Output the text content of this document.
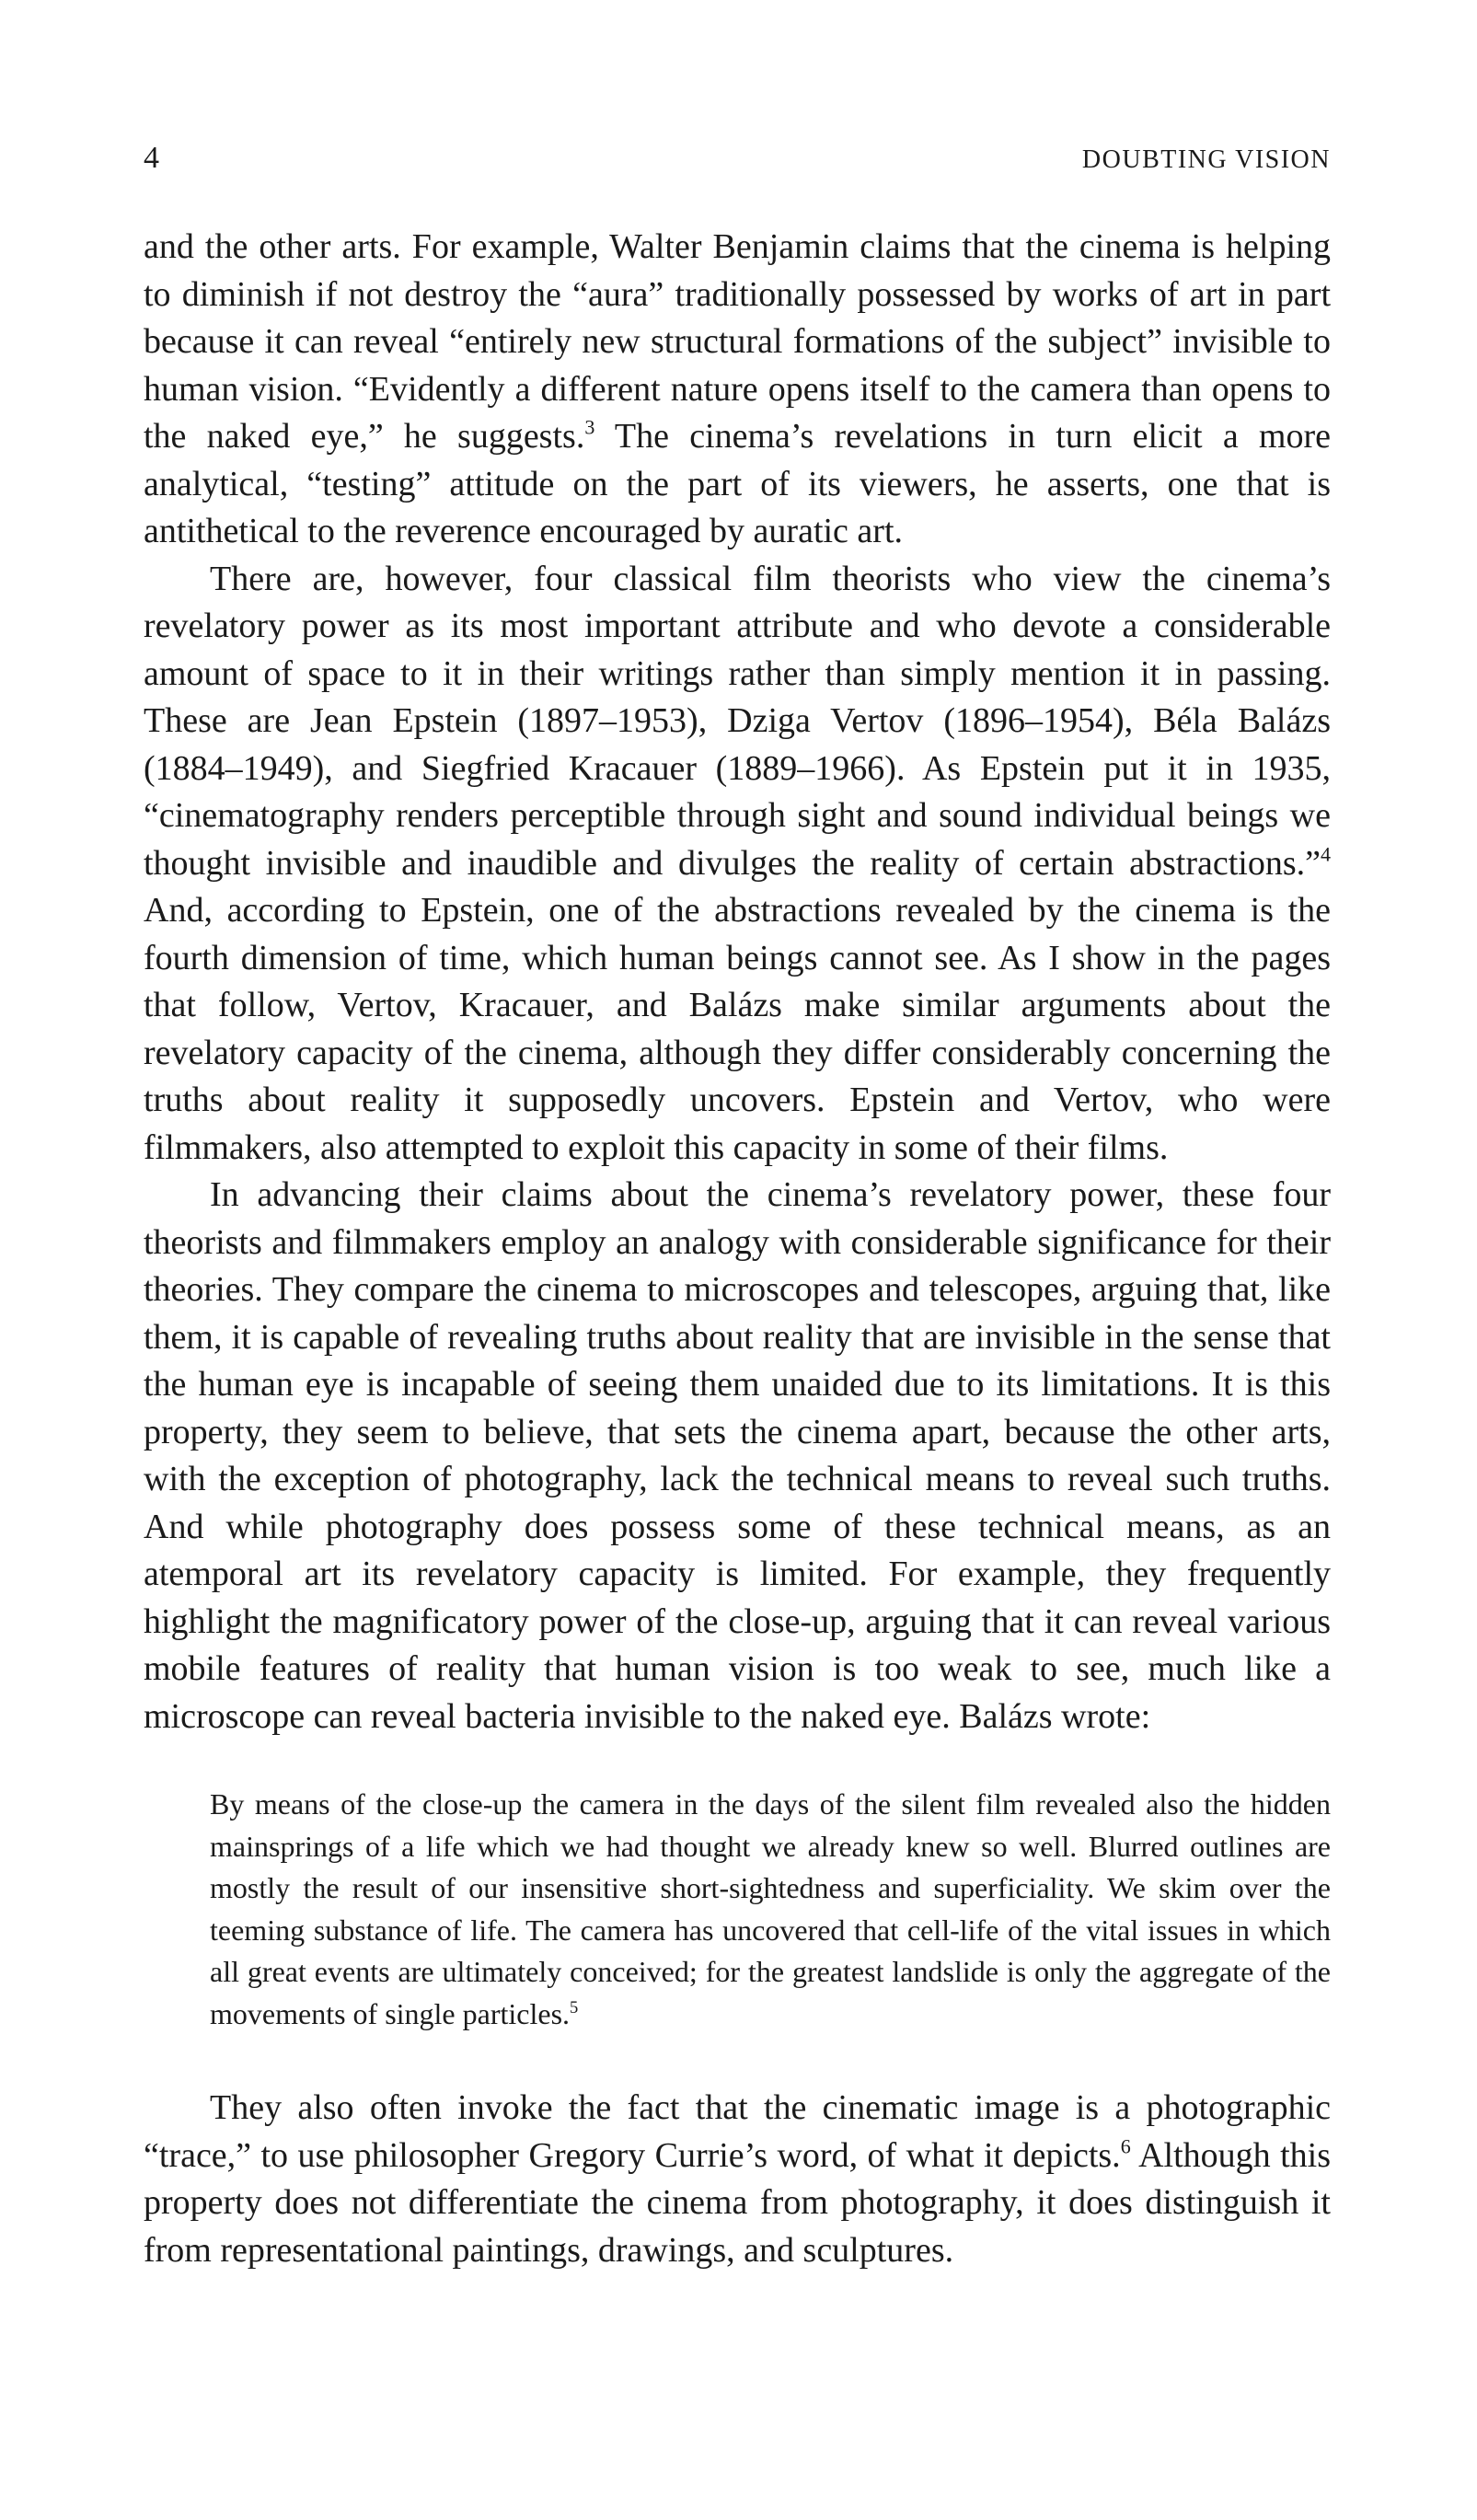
4	DOUBTING VISION

and the other arts. For example, Walter Benjamin claims that the cinema is helping to diminish if not destroy the “aura” traditionally possessed by works of art in part because it can reveal “entirely new structural formations of the subject” invisible to human vision. “Evidently a different nature opens itself to the camera than opens to the naked eye,” he suggests.$^3$ The cinema’s revelations in turn elicit a more analytical, “testing” attitude on the part of its viewers, he asserts, one that is antithetical to the reverence encouraged by auratic art.

There are, however, four classical film theorists who view the cinema’s revelatory power as its most important attribute and who devote a considerable amount of space to it in their writings rather than simply mention it in passing. These are Jean Epstein (1897–1953), Dziga Vertov (1896–1954), Béla Balázs (1884–1949), and Siegfried Kracauer (1889–1966). As Epstein put it in 1935, “cinematography renders perceptible through sight and sound individual beings we thought invisible and inaudible and divulges the reality of certain abstractions.”$^4$ And, according to Epstein, one of the abstractions revealed by the cinema is the fourth dimension of time, which human beings cannot see. As I show in the pages that follow, Vertov, Kracauer, and Balázs make similar arguments about the revelatory capacity of the cinema, although they differ considerably concerning the truths about reality it supposedly uncovers. Epstein and Vertov, who were filmmakers, also attempted to exploit this capacity in some of their films.

In advancing their claims about the cinema’s revelatory power, these four theorists and filmmakers employ an analogy with considerable significance for their theories. They compare the cinema to microscopes and telescopes, arguing that, like them, it is capable of revealing truths about reality that are invisible in the sense that the human eye is incapable of seeing them unaided due to its limitations. It is this property, they seem to believe, that sets the cinema apart, because the other arts, with the exception of photography, lack the technical means to reveal such truths. And while photography does possess some of these technical means, as an atemporal art its revelatory capacity is limited. For example, they frequently highlight the magnificatory power of the close-up, arguing that it can reveal various mobile features of reality that human vision is too weak to see, much like a microscope can reveal bacteria invisible to the naked eye. Balázs wrote:

By means of the close-up the camera in the days of the silent film revealed also the hidden mainsprings of a life which we had thought we already knew so well. Blurred outlines are mostly the result of our insensitive short-sightedness and superficiality. We skim over the teeming substance of life. The camera has uncovered that cell-life of the vital issues in which all great events are ultimately conceived; for the greatest landslide is only the aggregate of the movements of single particles.$^5$

They also often invoke the fact that the cinematic image is a photographic “trace,” to use philosopher Gregory Currie’s word, of what it depicts.$^6$ Although this property does not differentiate the cinema from photography, it does distinguish it from representational paintings, drawings, and sculptures.
